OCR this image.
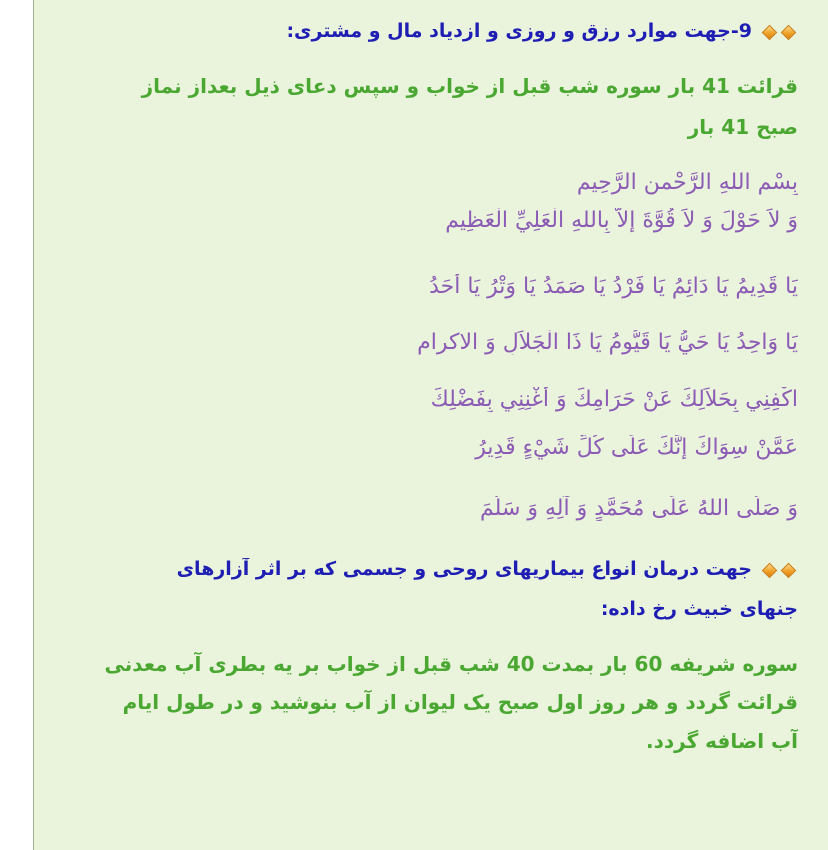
9-جهت موارد رزق و روزی و ازدیاد مال و مشتری:
قرائت 41 بار سوره شب قبل از خواب و سپس دعای ذیل بعداز نماز
صبح 41 بار
بِسْمِ اللهِ الرَّحْمنِ الرَّحِيمِ
وَ لاَ حَوْلَ وَ لاَ قُوَّةَ إِلاَّ بِاللهِ الْعَلِيِّ الْعَظِيمِ
يَا قَدِيمُ يَا دَائِمُ يَا فَرْدُ يَا صَمَدُ يَا وَتْرُ يَا أَحَدُ
يَا وَاحِدُ يَا حَيُّ يَا قَيُّومُ يَا ذَا الْجَلاَلِ وَ الاكرام
اكْفِنِي بِحَلاَلِكَ عَنْ حَرَامِكَ وَ أَغْنِنِي بِفَضْلِكَ
عَمَّنْ سِوَاكَ إِنَّكَ عَلَى كُلِّ شَيْءٍ قَدِيرُ
وَ صَلَّى اللهُ عَلَى مُحَمَّدٍ وَ آلِهِ وَ سَلَّمَ
جهت درمان انواع بیماریهای روحی و جسمی که بر اثر آزارهای
جنهای خبیث رخ داده:
سوره شریفه 60 بار بمدت 40 شب قبل از خواب بر یه بطری آب معدنی
قرائت گردد و هر روز اول صبح یک لیوان از آب بنوشید و در طول ایام
آب اضافه گردد.
